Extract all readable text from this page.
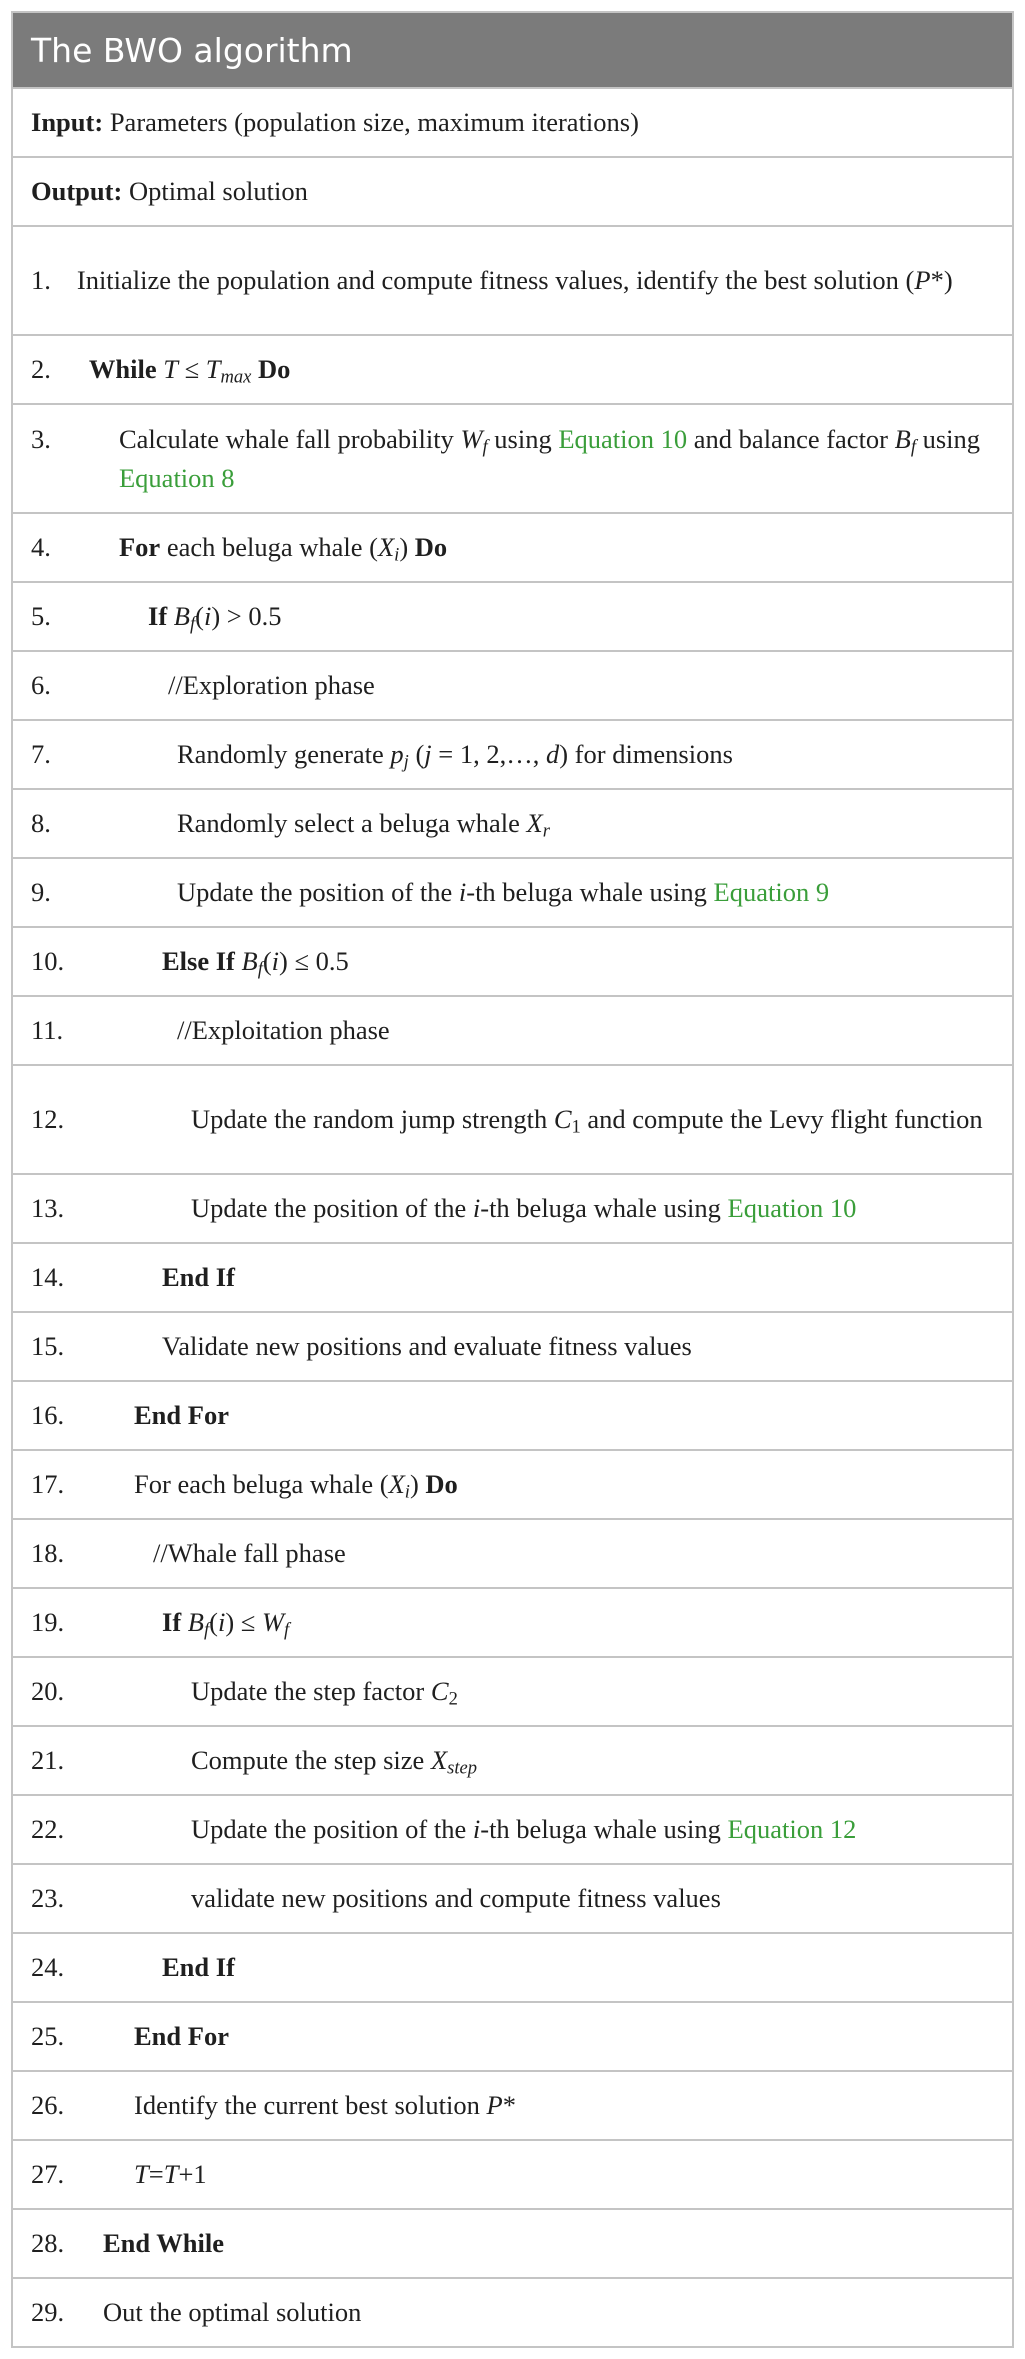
The BWO algorithm
Input: Parameters (population size, maximum iterations)
Output: Optimal solution
1. Initialize the population and compute fitness values, identify the best solution (P*)
2. While $T \le T_{max}$ Do
3.	Calculate whale fall probability $W_f$ using Equation 10 and balance factor $B_f$ using Equation 8
4.	For each beluga whale $(X_i)$ Do
5.	If $B_f(i) > 0.5$
6.	//Exploration phase
7.	Randomly generate $p_j$ (j = 1, 2,…, d) for dimensions
8.	Randomly select a beluga whale $X_r$
9.	Update the position of the i-th beluga whale using Equation 9
10.	Else If $B_f(i) \le 0.5$
11.	//Exploitation phase
12.	Update the random jump strength $C_1$ and compute the Levy flight function
13.	Update the position of the i-th beluga whale using Equation 10
14.	End If
15.	Validate new positions and evaluate fitness values
16.	End For
17.	For each beluga whale $(X_i)$ Do
18.	//Whale fall phase
19.	If $B_f(i) \le W_f$
20.	Update the step factor $C_2$
21.	Compute the step size $X_{step}$
22.	Update the position of the i-th beluga whale using Equation 12
23.	validate new positions and compute fitness values
24.	End If
25.	End For
26.	Identify the current best solution P*
27.	T=T+1
28. End While
29. Out the optimal solution
